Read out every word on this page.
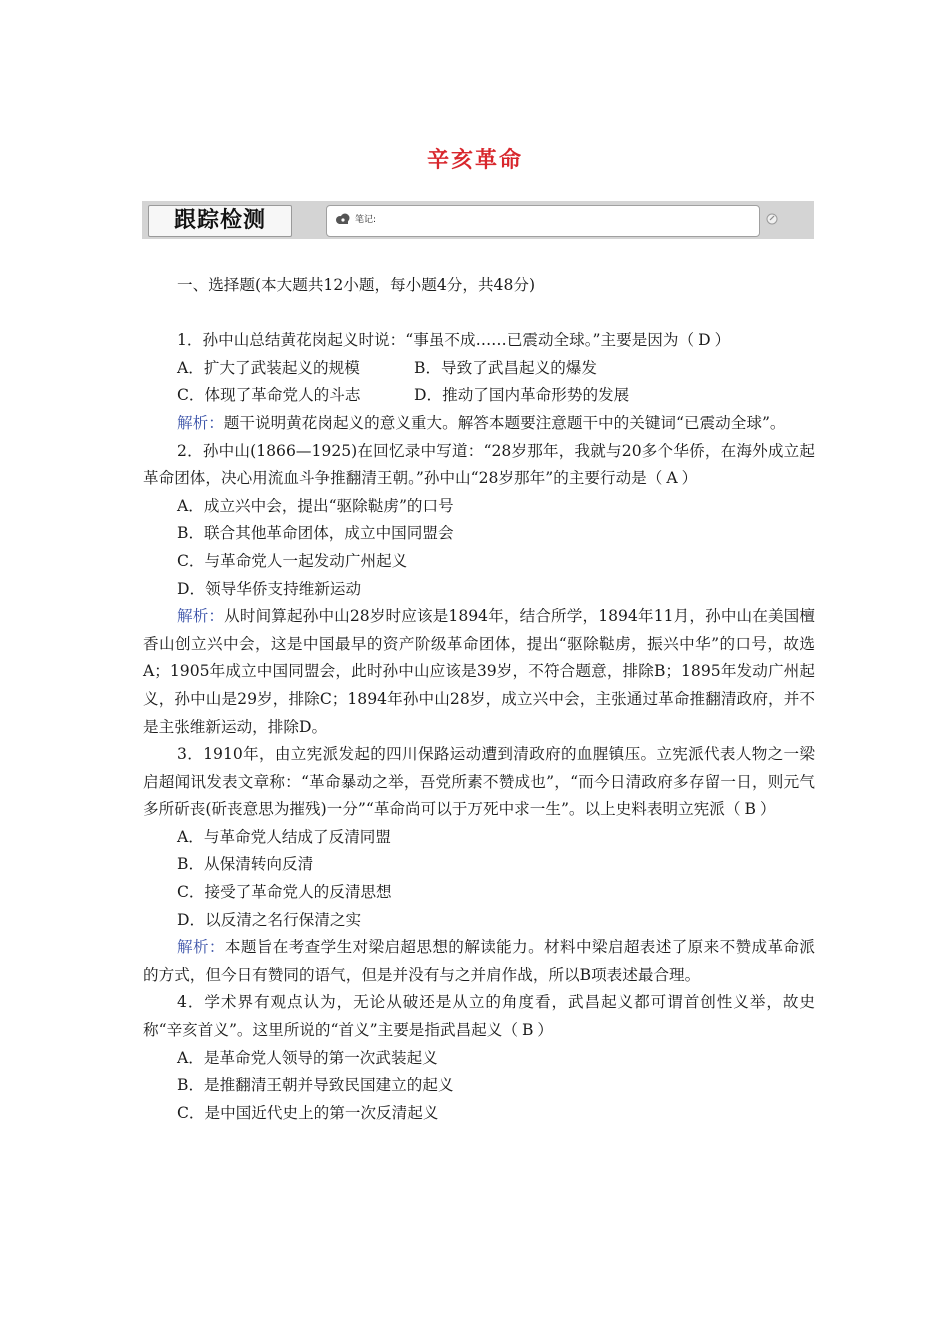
辛亥革命
跟踪检测	笔记:

一、选择题(本大题共12小题，每小题4分，共48分)

1．孙中山总结黄花岗起义时说：“事虽不成……已震动全球。”主要是因为（ D ）

A．扩大了武装起义的规模	B．导致了武昌起义的爆发
C．体现了革命党人的斗志	D．推动了国内革命形势的发展

解析：题干说明黄花岗起义的意义重大。解答本题要注意题干中的关键词“已震动全球”。

2．孙中山(1866—1925)在回忆录中写道：“28岁那年，我就与20多个华侨，在海外成立起革命团体，决心用流血斗争推翻清王朝。”孙中山“28岁那年”的主要行动是（ A ）

A．成立兴中会，提出“驱除鞑虏”的口号

B．联合其他革命团体，成立中国同盟会

C．与革命党人一起发动广州起义

D．领导华侨支持维新运动

解析：从时间算起孙中山28岁时应该是1894年，结合所学，1894年11月，孙中山在美国檀香山创立兴中会，这是中国最早的资产阶级革命团体，提出“驱除鞑虏，振兴中华”的口号，故选A；1905年成立中国同盟会，此时孙中山应该是39岁，不符合题意，排除B；1895年发动广州起义，孙中山是29岁，排除C；1894年孙中山28岁，成立兴中会，主张通过革命推翻清政府，并不是主张维新运动，排除D。

3．1910年，由立宪派发起的四川保路运动遭到清政府的血腥镇压。立宪派代表人物之一梁启超闻讯发表文章称：“革命暴动之举，吾党所素不赞成也”，“而今日清政府多存留一日，则元气多所斫丧(斫丧意思为摧残)一分”“革命尚可以于万死中求一生”。以上史料表明立宪派（ B ）

A．与革命党人结成了反清同盟

B．从保清转向反清

C．接受了革命党人的反清思想

D．以反清之名行保清之实

解析：本题旨在考查学生对梁启超思想的解读能力。材料中梁启超表述了原来不赞成革命派的方式，但今日有赞同的语气，但是并没有与之并肩作战，所以B项表述最合理。

4．学术界有观点认为，无论从破还是从立的角度看，武昌起义都可谓首创性义举，故史称“辛亥首义”。这里所说的“首义”主要是指武昌起义（ B ）

A．是革命党人领导的第一次武装起义

B．是推翻清王朝并导致民国建立的起义

C．是中国近代史上的第一次反清起义
